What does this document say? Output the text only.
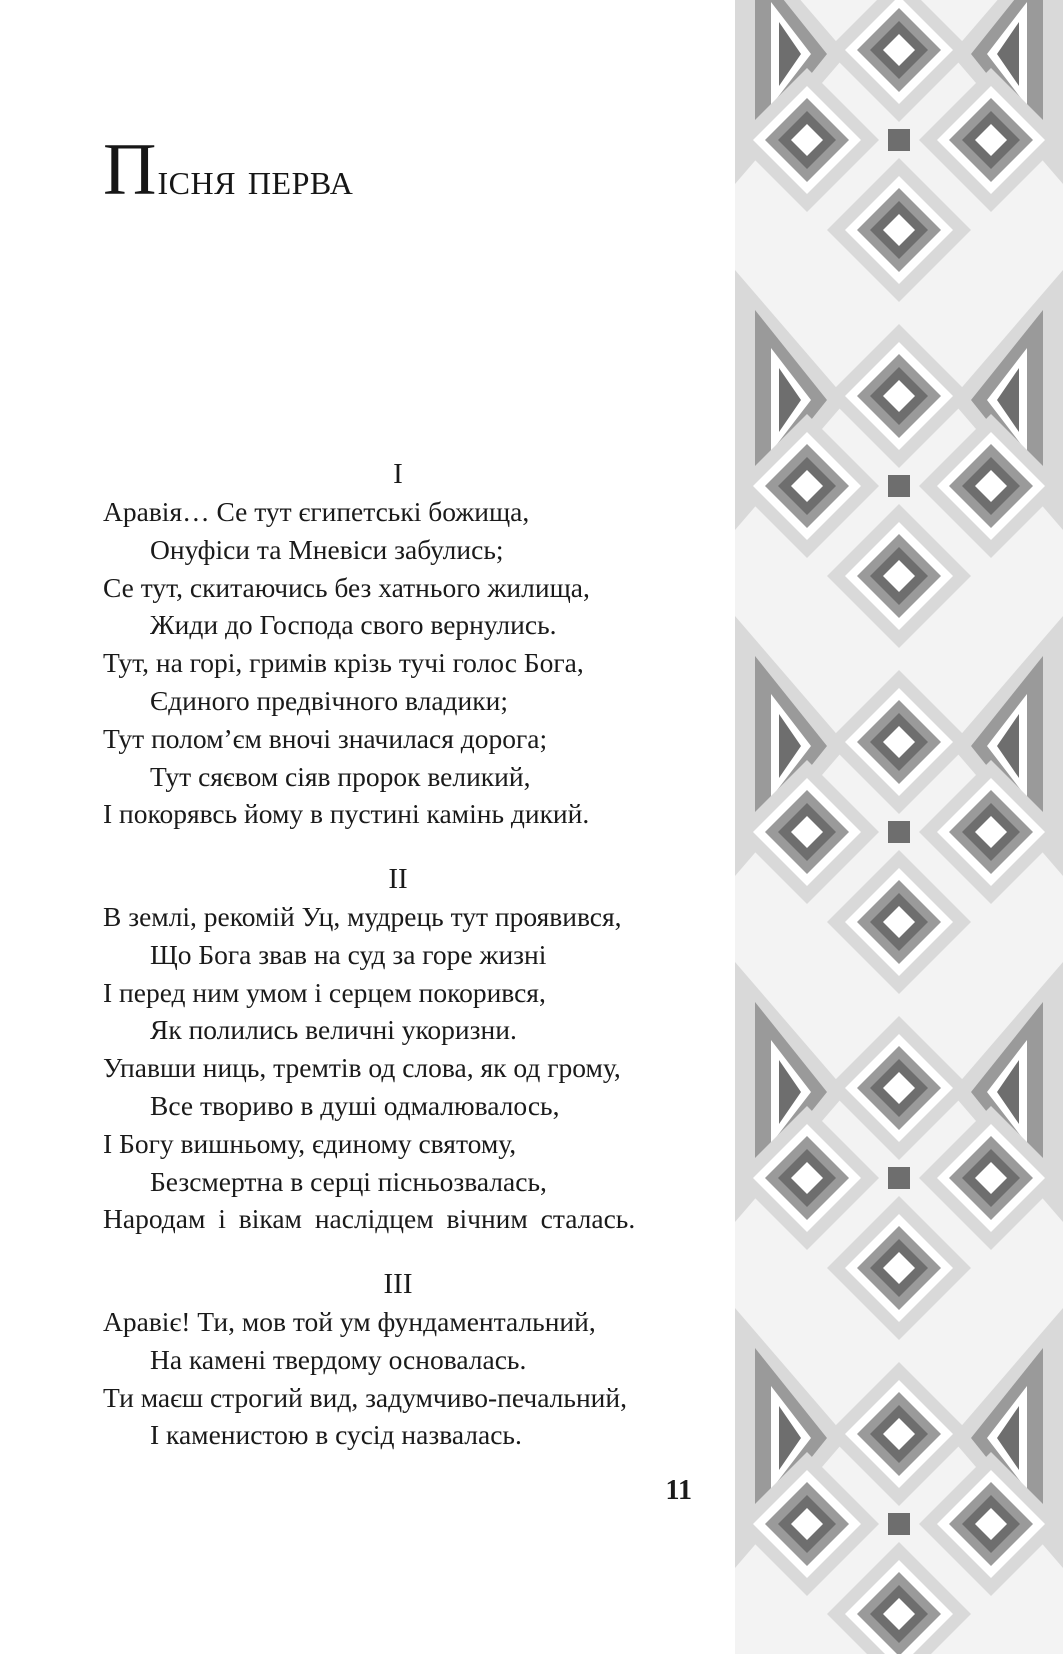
Пісня перва
I
Аравія… Се тут єгипетські божища,
Онуфіси та Мневіси забулись;
Се тут, скитаючись без хатнього жилища,
Жиди до Господа свого вернулись.
Тут, на горі, гримів крізь тучі голос Бога,
Єдиного предвічного владики;
Тут полом’єм вночі значилася дорога;
Тут сяєвом сіяв пророк великий,
І покорявсь йому в пустині камінь дикий.
II
В землі, рекомій Уц, мудрець тут проявився,
Що Бога звав на суд за горе жизні
І перед ним умом і серцем покорився,
Як полились величні укоризни.
Упавши ниць, тремтів од слова, як од грому,
Все твориво в душі одмалювалось,
І Богу вишньому, єдиному святому,
Безсмертна в серці пісньозвалась,
Народам і вікам наслідцем вічним сталась.
III
Аравіє! Ти, мов той ум фундаментальний,
На камені твердому основалась.
Ти маєш строгий вид, задумчиво-печальний,
І каменистою в сусід назвалась.
11
